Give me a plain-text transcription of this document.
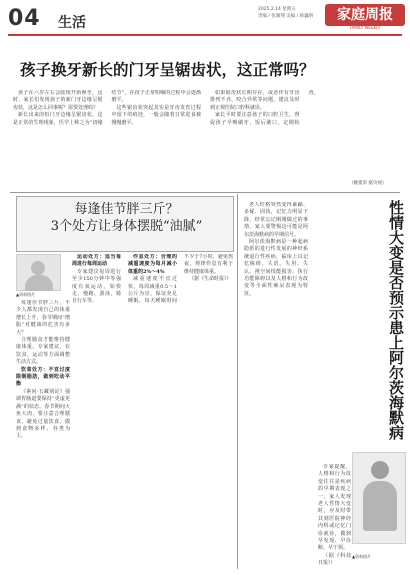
04 生活
2025.2.14 星期五
责编 / 张翼翔 美编 / 韩巍明	家庭周报
FAMILY WEEKLY
孩子换牙新长的门牙呈锯齿状，这正常吗？

孩子在六岁左右会陆续开始换牙，这时，家长们发现孩子的新门牙边缘呈锯齿状，这是怎么回事呢？需要处理吗？

新长出来的恒门牙边缘呈锯齿状，这是正常的生理现象，医学上称之为“切缘结节”，在孩子正常咀嚼的过程中会逐渐磨平。

这些锯齿状突起其实是牙齿发育过程中留下的痕迹，一般会随着日常进食被慢慢磨平。

如果锯齿状长期存在，或者伴有牙齿排列不齐、咬合异常等问题，建议及时到正规医院口腔科就诊。

家长平时要注意孩子的口腔卫生，督促孩子早晚刷牙，饭后漱口，定期检查。

（婉菱荣 据央视）
每逢佳节胖三斤？
3个处方让身体摆脱“油腻”
▲资料图片

每逢佳节胖三斤，不少人都发现自己的体重增长上升，春节期间“增脂”对健康的危害有多大？

合理膳食才能维持健康体重。专家建议，在饮食、运动等方面调整生活方式。

饮食处方：不宜过度限制脂肪，做到吃动平衡

《素问·五藏别论》强调胃肠道要保持“更虚更满”的状态。春节期间大鱼大肉，要注意合理膳食，避免过量饮食，做到食物多样、谷类为主。

运动处方：适当每周进行每周运动

专家建议每周进行至少150分钟中等强度有氧运动，如快走、慢跑、游泳、骑自行车等。

作息处方：合理的减重速度为每月减小体重的2%～4%

减重速度不宜过快，每周减重0.5～1公斤为宜。保证充足睡眠，每天睡眠时间不少于7小时，避免熬夜，规律作息有利于维持健康体重。

（据《生命时报》）	性情大变是否预示患上阿尔茨海默病

老人性格突然变得暴躁、多疑、固执，记忆力明显下降，经常忘记刚刚做过的事情，家人要警惕这可能是阿尔茨海默病的早期信号。

阿尔茨海默病是一种起病隐匿的进行性发展的神经系统退行性疾病，临床上以记忆障碍、失语、失用、失认、视空间技能损害、执行功能障碍以及人格和行为改变等全面性痴呆表现为特征。

专家提醒，人格和行为改变往往是疾病的早期表现之一，家人发现老人性情大变时，应及时带其到医院神经内科或记忆门诊就诊，做到早发现、早诊断、早干预。

（据《科技日报》）

▲资料图片
